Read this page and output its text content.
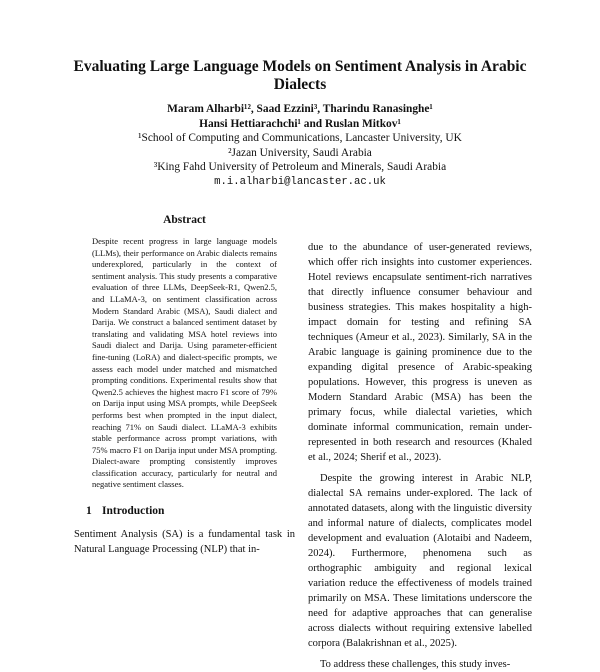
Evaluating Large Language Models on Sentiment Analysis in Arabic Dialects
Maram Alharbi¹², Saad Ezzini³, Tharindu Ranasinghe¹
Hansi Hettiarachchi¹ and Ruslan Mitkov¹
¹School of Computing and Communications, Lancaster University, UK
²Jazan University, Saudi Arabia
³King Fahd University of Petroleum and Minerals, Saudi Arabia
m.i.alharbi@lancaster.ac.uk
Abstract

Despite recent progress in large language models (LLMs), their performance on Arabic dialects remains underexplored, particularly in the context of sentiment analysis. This study presents a comparative evaluation of three LLMs, DeepSeek-R1, Qwen2.5, and LLaMA-3, on sentiment classification across Modern Standard Arabic (MSA), Saudi dialect and Darija. We construct a balanced sentiment dataset by translating and validating MSA hotel reviews into Saudi dialect and Darija. Using parameter-efficient fine-tuning (LoRA) and dialect-specific prompts, we assess each model under matched and mismatched prompting conditions. Experimental results show that Qwen2.5 achieves the highest macro F1 score of 79% on Darija input using MSA prompts, while DeepSeek performs best when prompted in the input dialect, reaching 71% on Saudi dialect. LLaMA-3 exhibits stable performance across prompt variations, with 75% macro F1 on Darija input under MSA prompting. Dialect-aware prompting consistently improves classification accuracy, particularly for neutral and negative sentiment classes.

1 Introduction

Sentiment Analysis (SA) is a fundamental task in Natural Language Processing (NLP) that in-

due to the abundance of user-generated reviews, which offer rich insights into customer experiences. Hotel reviews encapsulate sentiment-rich narratives that directly influence consumer behaviour and business strategies. This makes hospitality a high-impact domain for testing and refining SA techniques (Ameur et al., 2023). Similarly, SA in the Arabic language is gaining prominence due to the expanding digital presence of Arabic-speaking populations. However, this progress is uneven as Modern Standard Arabic (MSA) has been the primary focus, while dialectal varieties, which dominate informal communication, remain under-represented in both research and resources (Khaled et al., 2024; Sherif et al., 2023).

Despite the growing interest in Arabic NLP, dialectal SA remains under-explored. The lack of annotated datasets, along with the linguistic diversity and informal nature of dialects, complicates model development and evaluation (Alotaibi and Nadeem, 2024). Furthermore, phenomena such as orthographic ambiguity and regional lexical variation reduce the effectiveness of models trained primarily on MSA. These limitations underscore the need for adaptive approaches that can generalise across dialects without requiring extensive labelled corpora (Balakrishnan et al., 2025).

To address these challenges, this study inves-
